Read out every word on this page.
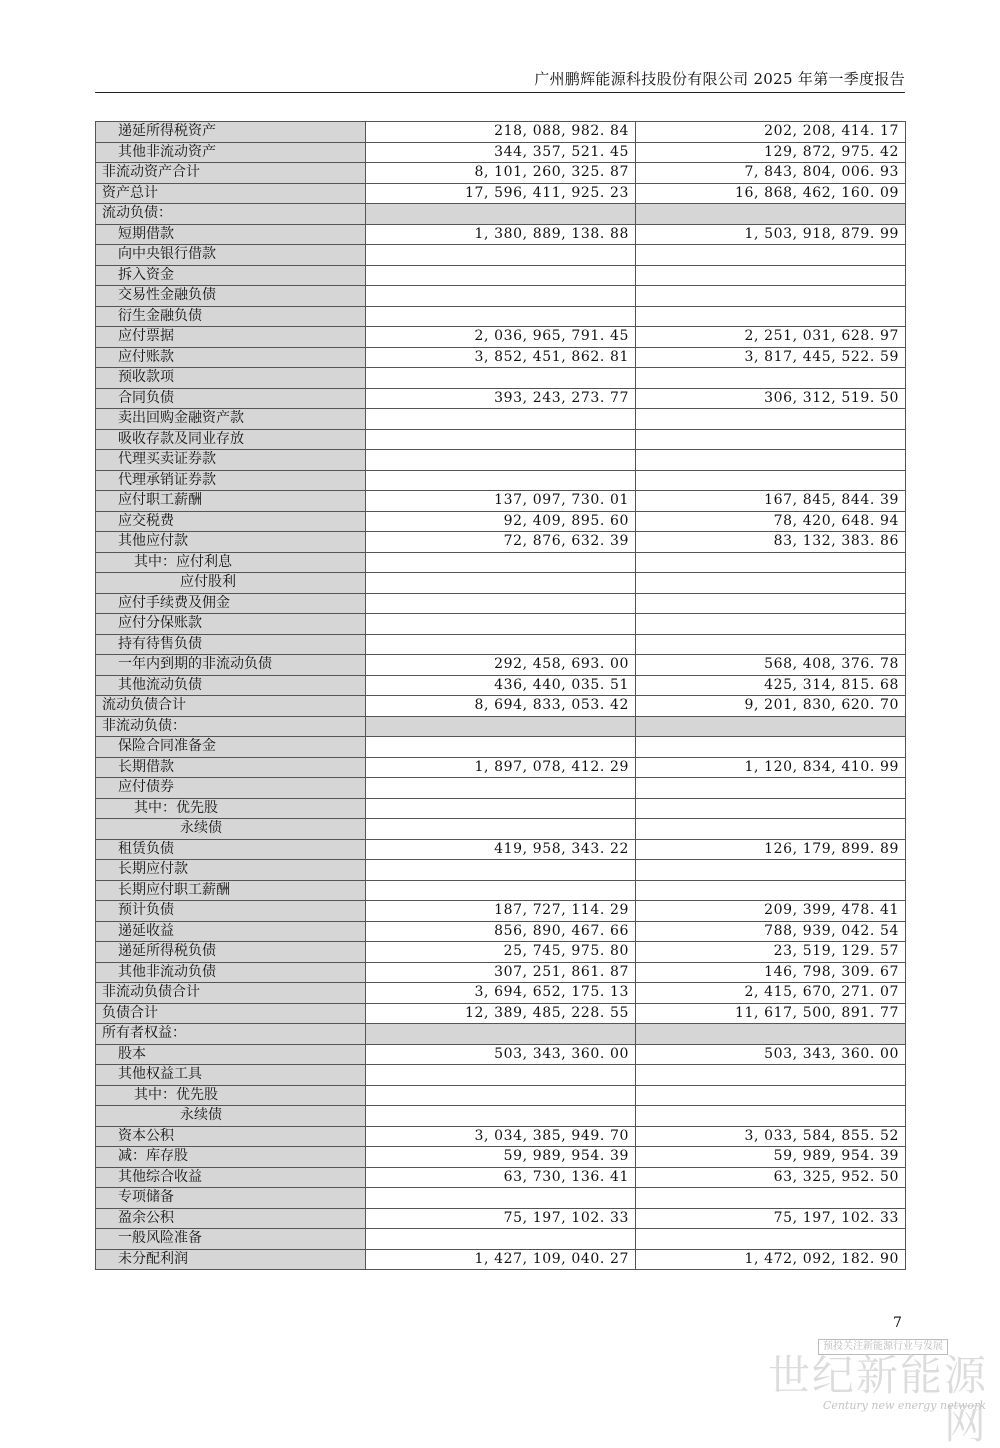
广州鹏辉能源科技股份有限公司 2025 年第一季度报告
递延所得税资产	218, 088, 982. 84	202, 208, 414. 17
其他非流动资产	344, 357, 521. 45	129, 872, 975. 42
非流动资产合计	8, 101, 260, 325. 87	7, 843, 804, 006. 93
资产总计	17, 596, 411, 925. 23	16, 868, 462, 160. 09
流动负债：		
短期借款	1, 380, 889, 138. 88	1, 503, 918, 879. 99
向中央银行借款		
拆入资金		
交易性金融负债		
衍生金融负债		
应付票据	2, 036, 965, 791. 45	2, 251, 031, 628. 97
应付账款	3, 852, 451, 862. 81	3, 817, 445, 522. 59
预收款项		
合同负债	393, 243, 273. 77	306, 312, 519. 50
卖出回购金融资产款		
吸收存款及同业存放		
代理买卖证券款		
代理承销证券款		
应付职工薪酬	137, 097, 730. 01	167, 845, 844. 39
应交税费	92, 409, 895. 60	78, 420, 648. 94
其他应付款	72, 876, 632. 39	83, 132, 383. 86
其中：应付利息		
应付股利		
应付手续费及佣金		
应付分保账款		
持有待售负债		
一年内到期的非流动负债	292, 458, 693. 00	568, 408, 376. 78
其他流动负债	436, 440, 035. 51	425, 314, 815. 68
流动负债合计	8, 694, 833, 053. 42	9, 201, 830, 620. 70
非流动负债：		
保险合同准备金		
长期借款	1, 897, 078, 412. 29	1, 120, 834, 410. 99
应付债券		
其中：优先股		
永续债		
租赁负债	419, 958, 343. 22	126, 179, 899. 89
长期应付款		
长期应付职工薪酬		
预计负债	187, 727, 114. 29	209, 399, 478. 41
递延收益	856, 890, 467. 66	788, 939, 042. 54
递延所得税负债	25, 745, 975. 80	23, 519, 129. 57
其他非流动负债	307, 251, 861. 87	146, 798, 309. 67
非流动负债合计	3, 694, 652, 175. 13	2, 415, 670, 271. 07
负债合计	12, 389, 485, 228. 55	11, 617, 500, 891. 77
所有者权益：		
股本	503, 343, 360. 00	503, 343, 360. 00
其他权益工具		
其中：优先股		
永续债		
资本公积	3, 034, 385, 949. 70	3, 033, 584, 855. 52
减：库存股	59, 989, 954. 39	59, 989, 954. 39
其他综合收益	63, 730, 136. 41	63, 325, 952. 50
专项储备		
盈余公积	75, 197, 102. 33	75, 197, 102. 33
一般风险准备		
未分配利润	1, 427, 109, 040. 27	1, 472, 092, 182. 90
7
预投关注新能源行业与发展
世纪新能源网
Century new energy network
